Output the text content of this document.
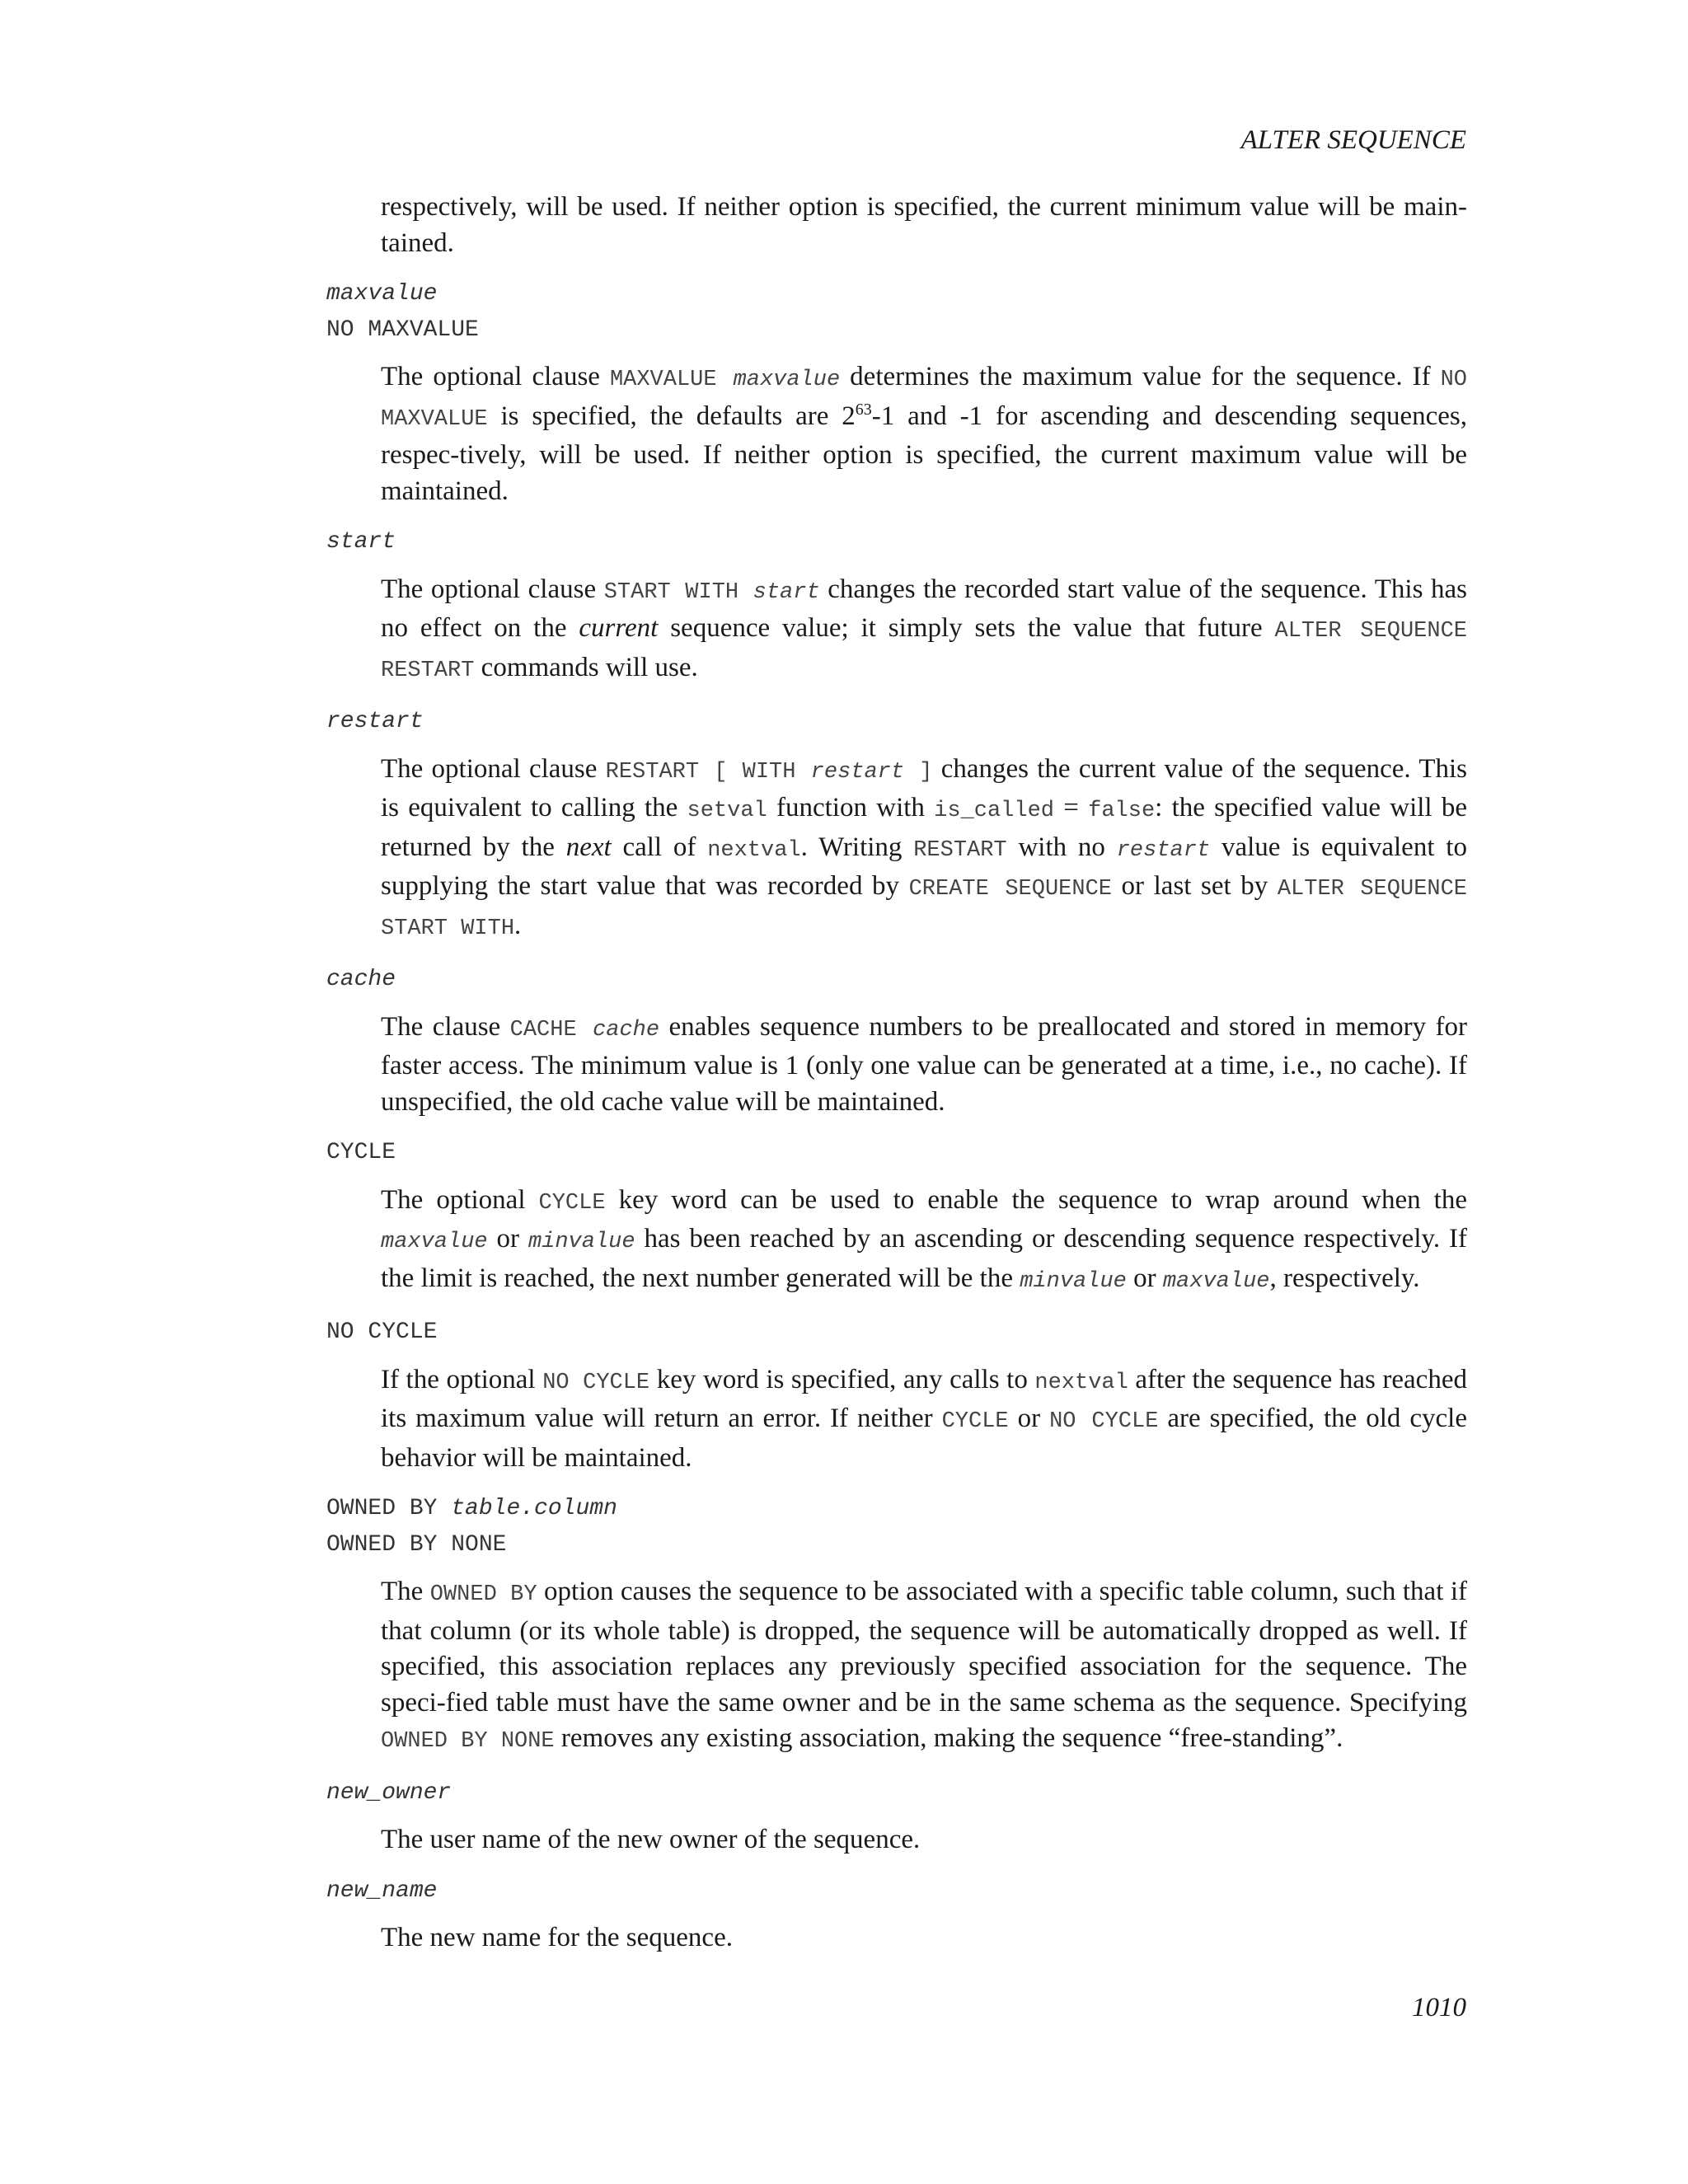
ALTER SEQUENCE

respectively, will be used. If neither option is specified, the current minimum value will be main-tained.

maxvalue
NO MAXVALUE

The optional clause MAXVALUE maxvalue determines the maximum value for the sequence. If NO MAXVALUE is specified, the defaults are $2^{63}-1$ and -1 for ascending and descending sequences, respec-tively, will be used. If neither option is specified, the current maximum value will be maintained.

start

The optional clause START WITH start changes the recorded start value of the sequence. This has no effect on the current sequence value; it simply sets the value that future ALTER SEQUENCE RESTART commands will use.

restart

The optional clause RESTART [ WITH restart ] changes the current value of the sequence. This is equivalent to calling the setval function with is_called = false: the specified value will be returned by the next call of nextval. Writing RESTART with no restart value is equivalent to supplying the start value that was recorded by CREATE SEQUENCE or last set by ALTER SEQUENCE START WITH.

cache

The clause CACHE cache enables sequence numbers to be preallocated and stored in memory for faster access. The minimum value is 1 (only one value can be generated at a time, i.e., no cache). If unspecified, the old cache value will be maintained.

CYCLE

The optional CYCLE key word can be used to enable the sequence to wrap around when the maxvalue or minvalue has been reached by an ascending or descending sequence respectively. If the limit is reached, the next number generated will be the minvalue or maxvalue, respectively.

NO CYCLE

If the optional NO CYCLE key word is specified, any calls to nextval after the sequence has reached its maximum value will return an error. If neither CYCLE or NO CYCLE are specified, the old cycle behavior will be maintained.

OWNED BY table.column
OWNED BY NONE

The OWNED BY option causes the sequence to be associated with a specific table column, such that if that column (or its whole table) is dropped, the sequence will be automatically dropped as well. If specified, this association replaces any previously specified association for the sequence. The speci-fied table must have the same owner and be in the same schema as the sequence. Specifying OWNED BY NONE removes any existing association, making the sequence “free-standing”.

new_owner

The user name of the new owner of the sequence.

new_name

The new name for the sequence.

1010
